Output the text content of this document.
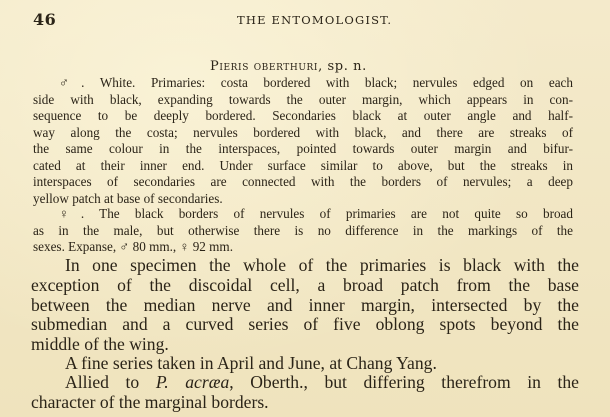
46	THE ENTOMOLOGIST.
Pieris oberthuri, sp. n.
♂. White. Primaries: costa bordered with black; nervules edged on each
side with black, expanding towards the outer margin, which appears in con-
sequence to be deeply bordered. Secondaries black at outer angle and half-
way along the costa; nervules bordered with black, and there are streaks of
the same colour in the interspaces, pointed towards outer margin and bifur-
cated at their inner end. Under surface similar to above, but the streaks in
interspaces of secondaries are connected with the borders of nervules; a deep
yellow patch at base of secondaries.
♀. The black borders of nervules of primaries are not quite so broad
as in the male, but otherwise there is no difference in the markings of the
sexes. Expanse, ♂ 80 mm., ♀ 92 mm.
In one specimen the whole of the primaries is black with the
exception of the discoidal cell, a broad patch from the base
between the median nerve and inner margin, intersected by the
submedian and a curved series of five oblong spots beyond the
middle of the wing.
A fine series taken in April and June, at Chang Yang.
Allied to P. acræa, Oberth., but differing therefrom in the
character of the marginal borders.
